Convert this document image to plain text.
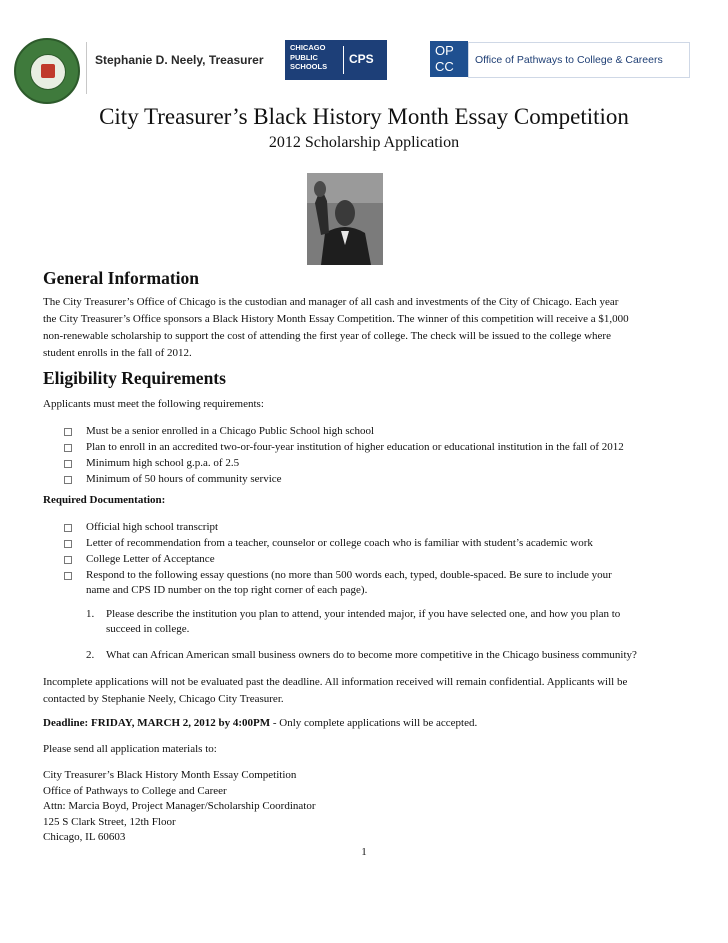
Stephanie D. Neely, Treasurer
CHICAGO
PUBLIC
SCHOOLS
CPS
OP
CC Office of Pathways to College & Careers
City Treasurer’s Black History Month Essay Competition
2012 Scholarship Application
General Information
The City Treasurer’s Office of Chicago is the custodian and manager of all cash and investments of the City of Chicago. Each year
the City Treasurer’s Office sponsors a Black History Month Essay Competition. The winner of this competition will receive a $1,000
non-renewable scholarship to support the cost of attending the first year of college. The check will be issued to the college where
student enrolls in the fall of 2012.
Eligibility Requirements
Applicants must meet the following requirements:
Must be a senior enrolled in a Chicago Public School high school
Plan to enroll in an accredited two-or-four-year institution of higher education or educational institution in the fall of 2012
Minimum high school g.p.a. of 2.5
Minimum of 50 hours of community service
Required Documentation:
Official high school transcript
Letter of recommendation from a teacher, counselor or college coach who is familiar with student’s academic work
College Letter of Acceptance
Respond to the following essay questions (no more than 500 words each, typed, double-spaced. Be sure to include your
name and CPS ID number on the top right corner of each page).
1. Please describe the institution you plan to attend, your intended major, if you have selected one, and how you plan to
succeed in college.
2. What can African American small business owners do to become more competitive in the Chicago business community?
Incomplete applications will not be evaluated past the deadline. All information received will remain confidential. Applicants will be
contacted by Stephanie Neely, Chicago City Treasurer.
Deadline: FRIDAY, MARCH 2, 2012 by 4:00PM - Only complete applications will be accepted.
Please send all application materials to:
City Treasurer’s Black History Month Essay Competition
Office of Pathways to College and Career
Attn: Marcia Boyd, Project Manager/Scholarship Coordinator
125 S Clark Street, 12th Floor
Chicago, IL 60603
1
